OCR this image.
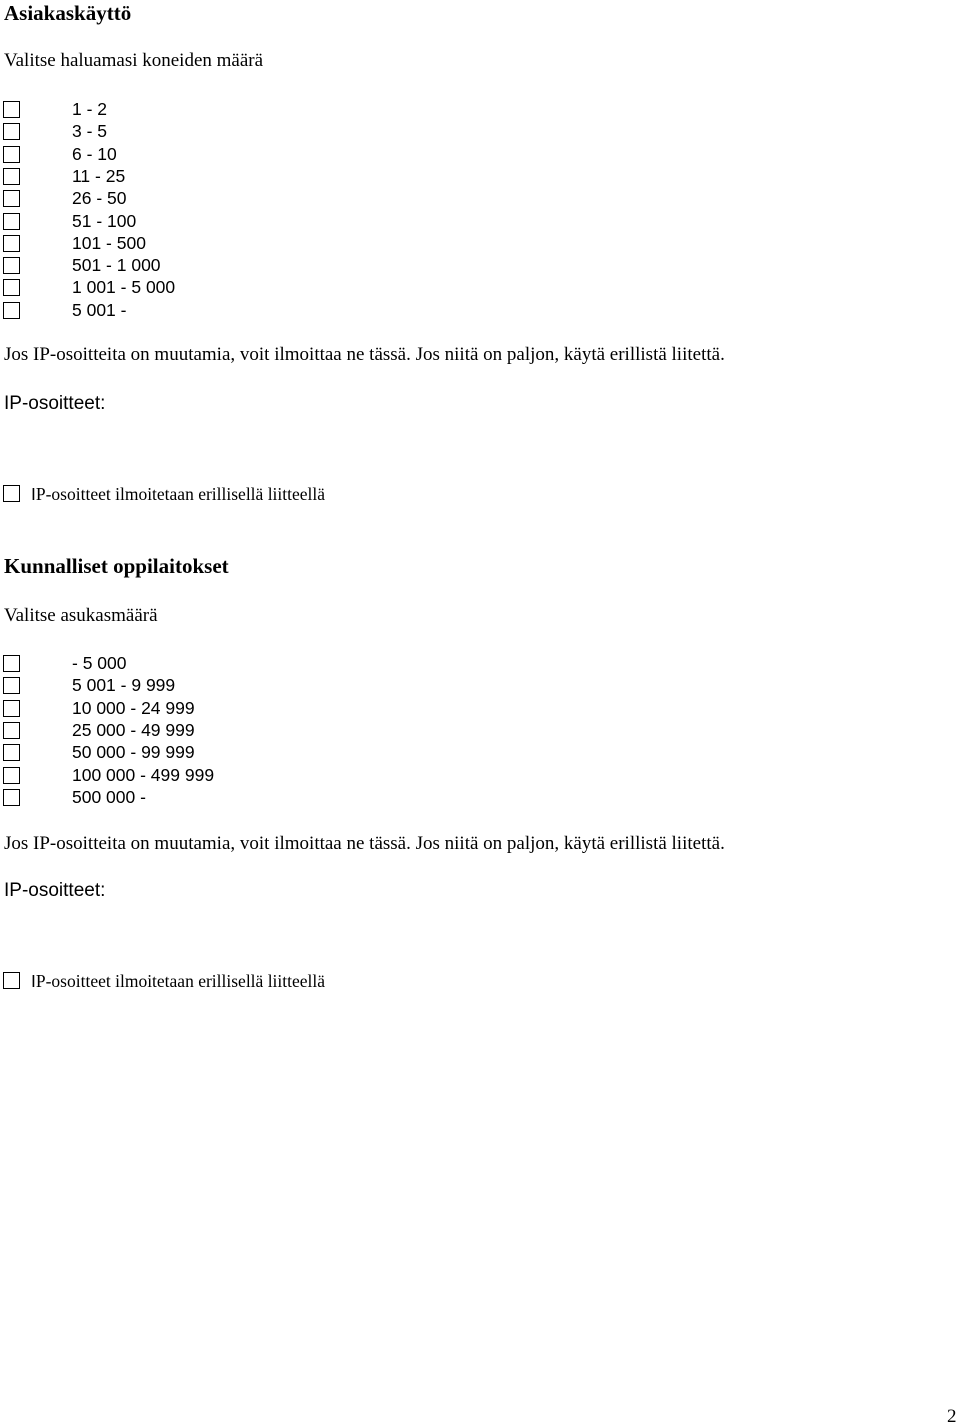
Asiakaskäyttö
Valitse haluamasi koneiden määrä
1 - 2
3 - 5
6 - 10
11 - 25
26 - 50
51 - 100
101 - 500
501 - 1 000
1 001 - 5 000
5 001 -
Jos IP-osoitteita on muutamia, voit ilmoittaa ne tässä. Jos niitä on paljon, käytä erillistä liitettä.
IP-osoitteet:
IP-osoitteet ilmoitetaan erillisellä liitteellä
Kunnalliset oppilaitokset
Valitse asukasmäärä
- 5 000
5 001 - 9 999
10 000 - 24 999
25 000 - 49 999
50 000 - 99 999
100 000 - 499 999
500 000 -
Jos IP-osoitteita on muutamia, voit ilmoittaa ne tässä. Jos niitä on paljon, käytä erillistä liitettä.
IP-osoitteet:
IP-osoitteet ilmoitetaan erillisellä liitteellä
2
